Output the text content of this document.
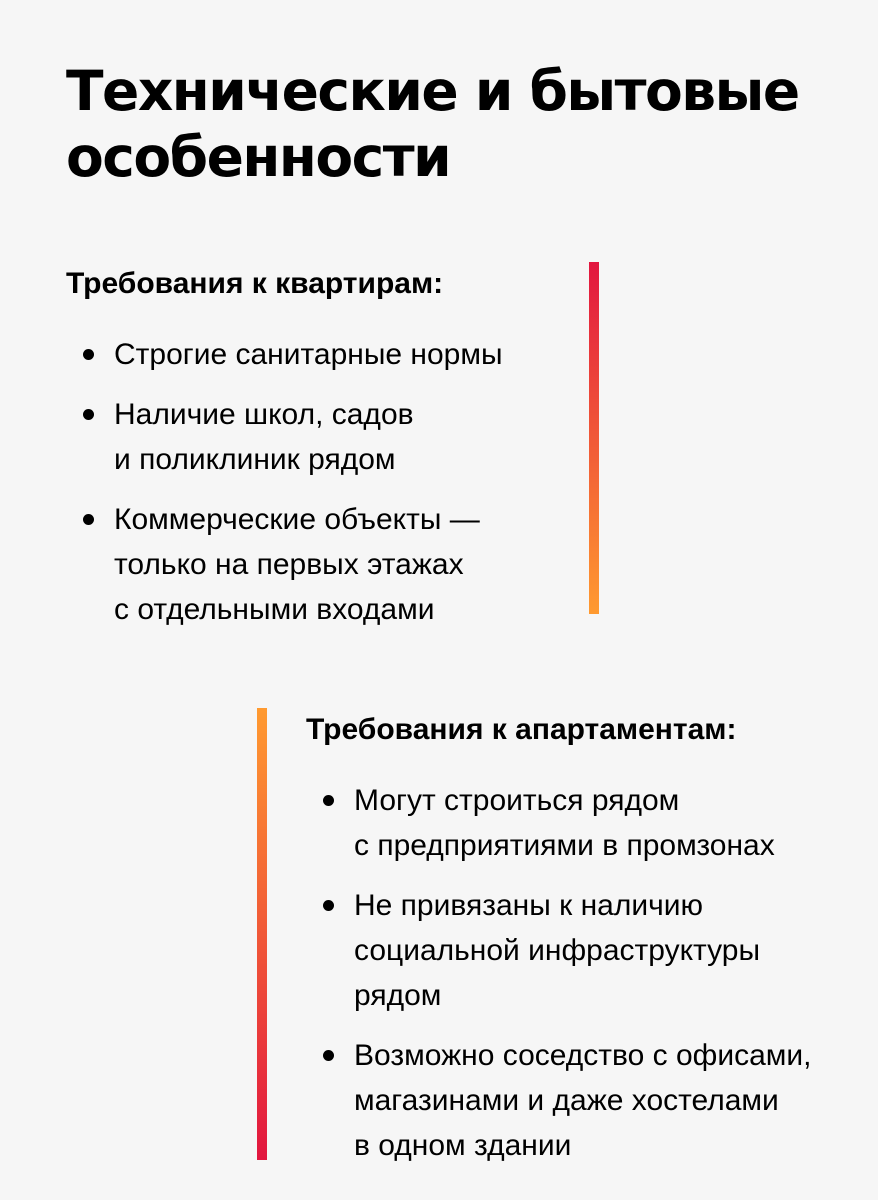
Технические и бытовые
особенности
Требования к квартирам:
Строгие санитарные нормы
Наличие школ, садов
и поликлиник рядом
Коммерческие объекты —
только на первых этажах
с отдельными входами
Требования к апартаментам:
Могут строиться рядом
с предприятиями в промзонах
Не привязаны к наличию
социальной инфраструктуры
рядом
Возможно соседство с офисами,
магазинами и даже хостелами
в одном здании
